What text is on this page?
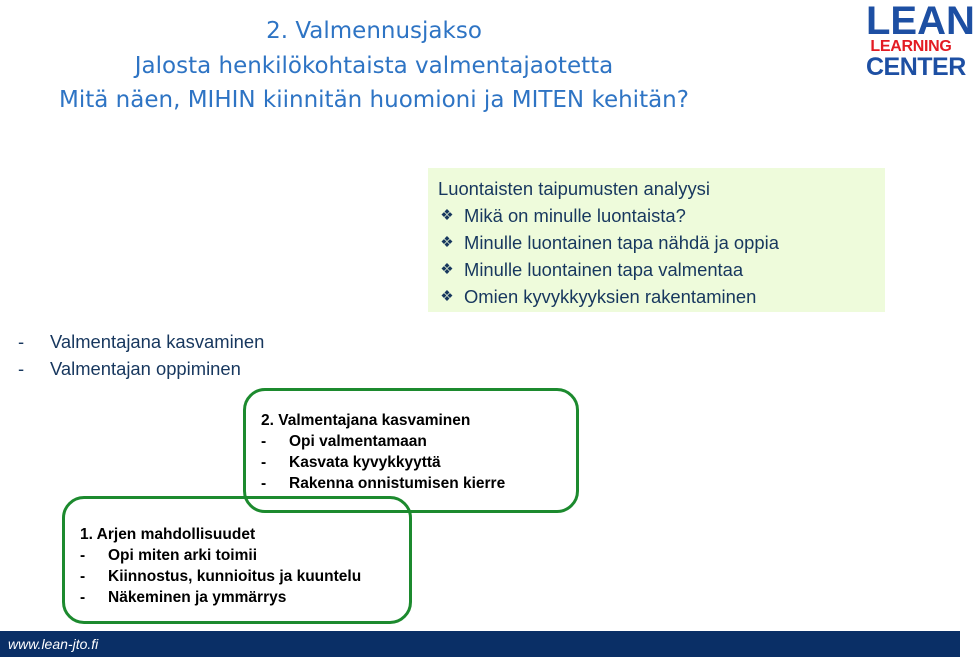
2. Valmennusjakso
Jalosta henkilökohtaista valmentajaotetta
Mitä näen, MIHIN kiinnitän huomioni ja MITEN kehitän?
LEAN
LEARNING
CENTER
Luontaisten taipumusten analyysi
❖ Mikä on minulle luontaista?
❖ Minulle luontainen tapa nähdä ja oppia
❖ Minulle luontainen tapa valmentaa
❖ Omien kyvykkyyksien rakentaminen
- Valmentajana kasvaminen
- Valmentajan oppiminen
2. Valmentajana kasvaminen
- Opi valmentamaan
- Kasvata kyvykkyyttä
- Rakenna onnistumisen kierre
1. Arjen mahdollisuudet
- Opi miten arki toimii
- Kiinnostus, kunnioitus ja kuuntelu
- Näkeminen ja ymmärrys
www.lean-jto.fi
